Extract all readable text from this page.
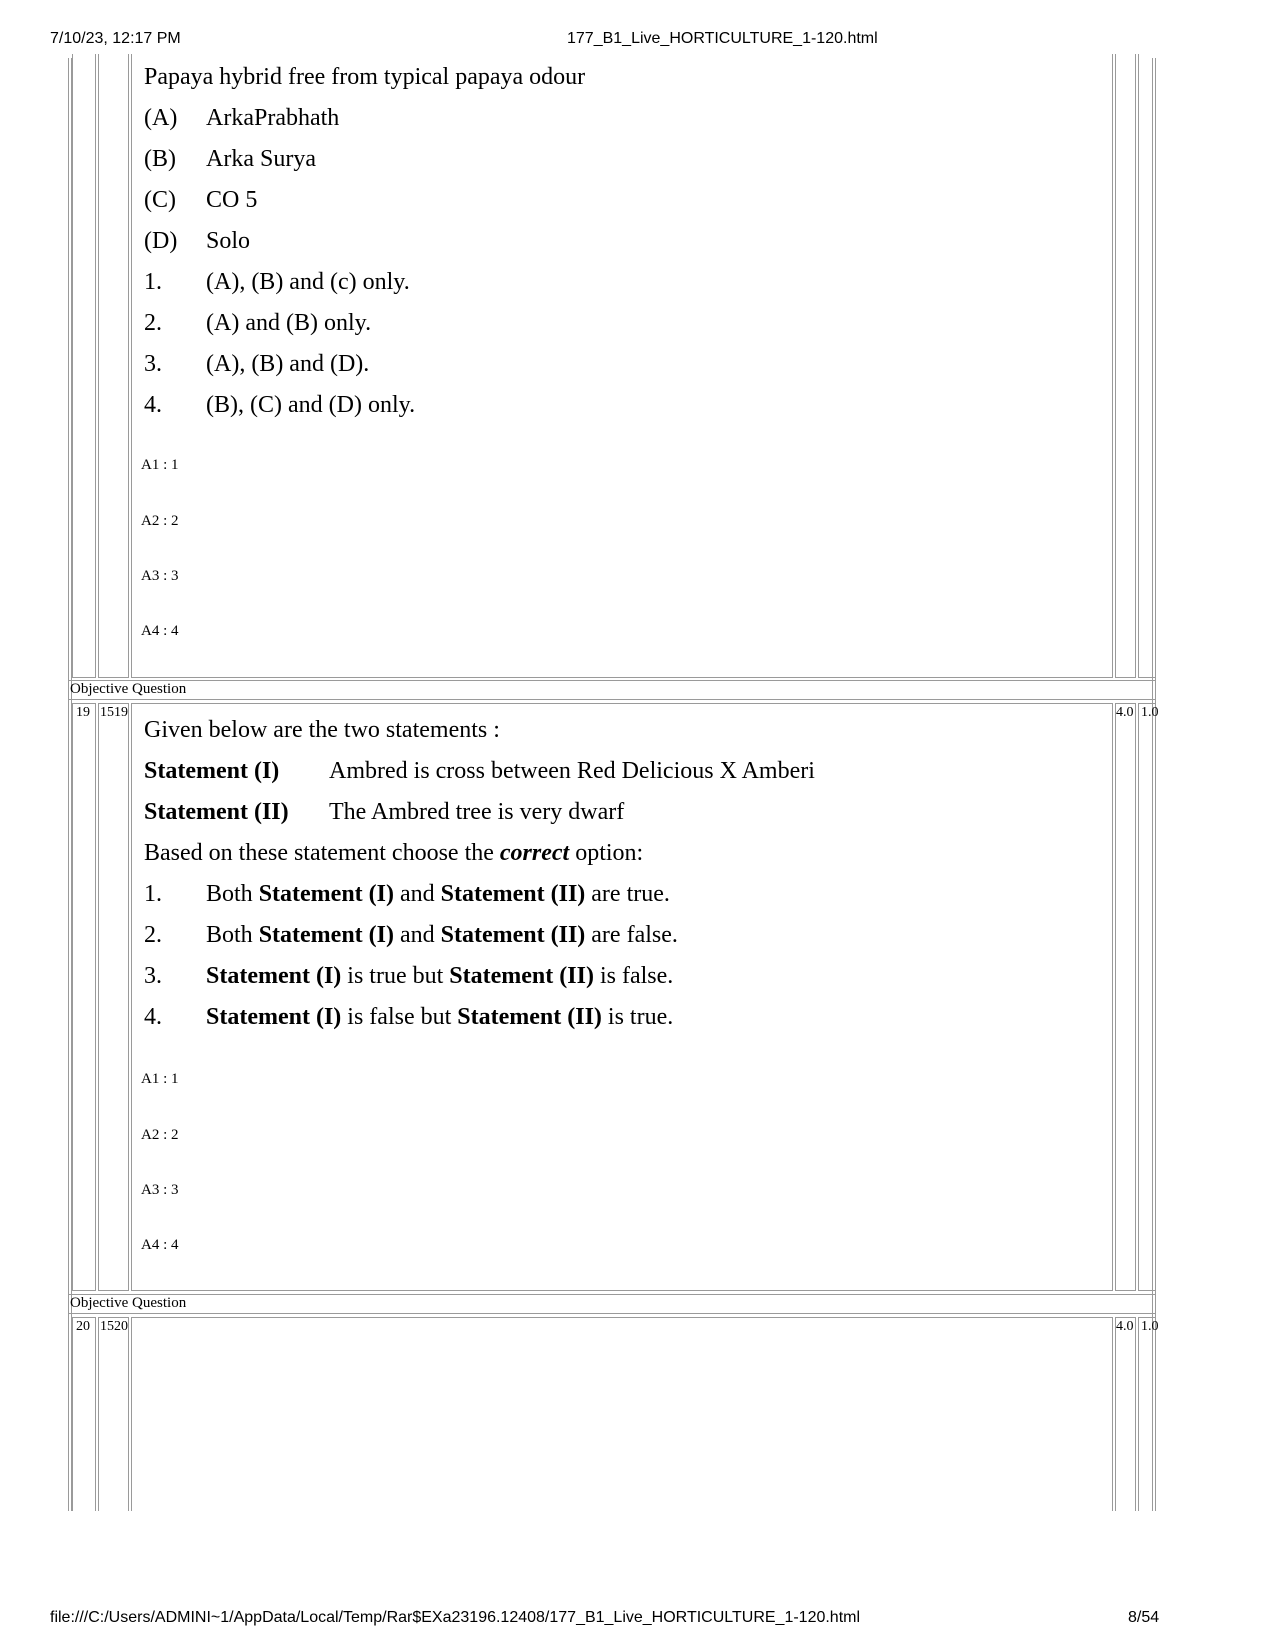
7/10/23, 12:17 PM	177_B1_Live_HORTICULTURE_1-120.html
Papaya hybrid free from typical papaya odour
(A) ArkaPrabhath
(B) Arka Surya
(C) CO 5
(D) Solo
1. (A), (B) and (c) only.
2. (A) and (B) only.
3. (A), (B) and (D).
4. (B), (C) and (D) only.
A1 : 1
A2 : 2
A3 : 3
A4 : 4
Objective Question
19 1519	4.0 1.0
Given below are the two statements :
Statement (I) Ambred is cross between Red Delicious X Amberi
Statement (II) The Ambred tree is very dwarf
Based on these statement choose the correct option:
1. Both Statement (I) and Statement (II) are true.
2. Both Statement (I) and Statement (II) are false.
3. Statement (I) is true but Statement (II) is false.
4. Statement (I) is false but Statement (II) is true.
A1 : 1
A2 : 2
A3 : 3
A4 : 4
Objective Question
20 1520	4.0 1.0
file:///C:/Users/ADMINI~1/AppData/Local/Temp/Rar$EXa23196.12408/177_B1_Live_HORTICULTURE_1-120.html	8/54
